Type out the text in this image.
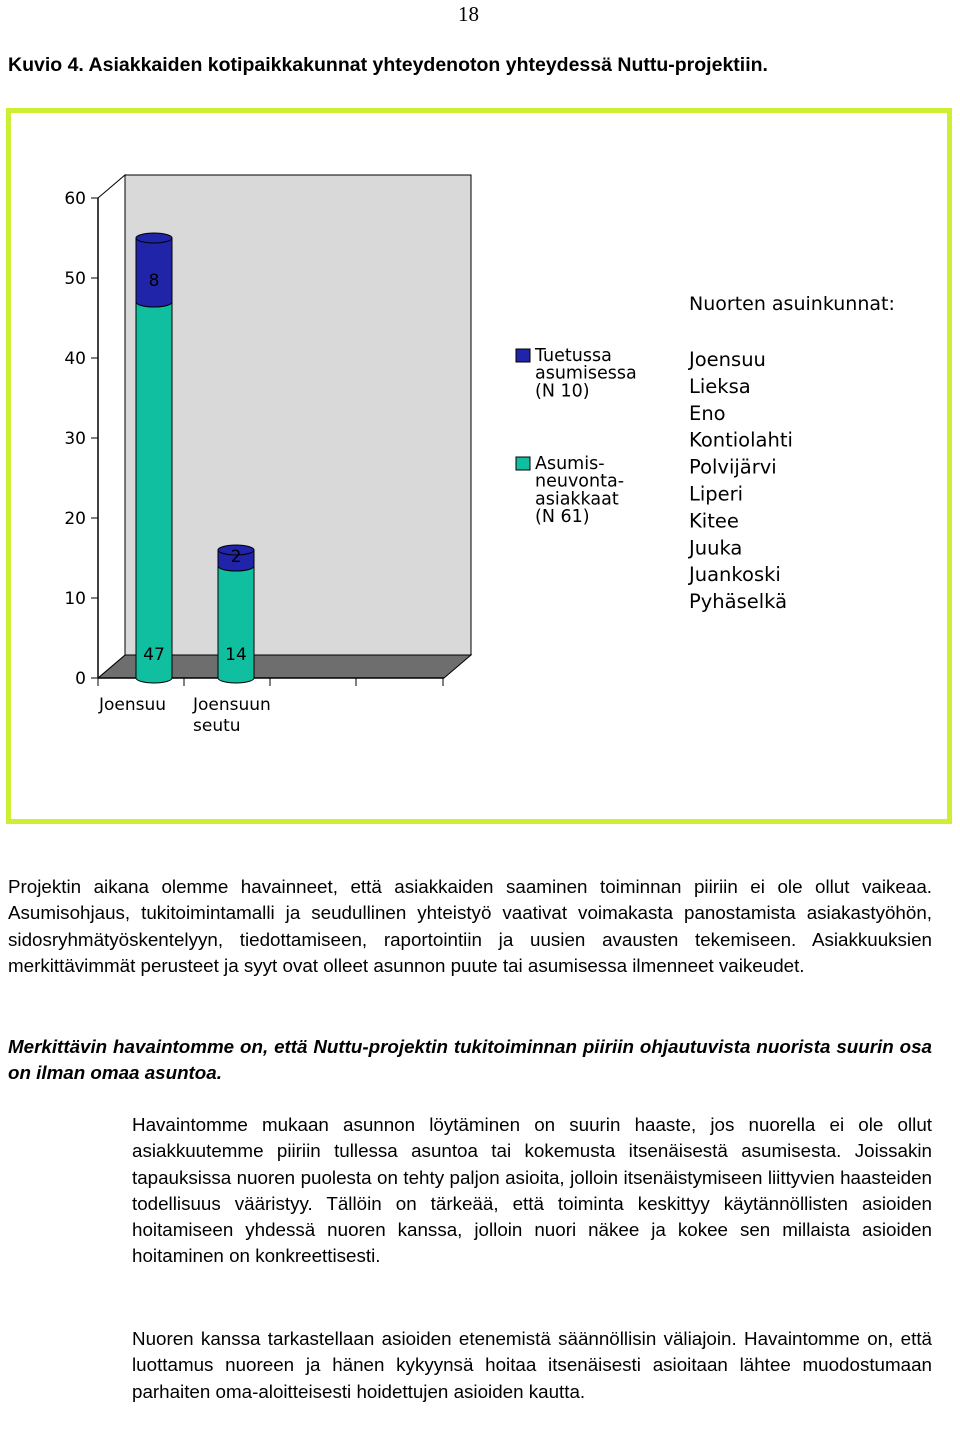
18
Kuvio 4. Asiakkaiden kotipaikkakunnat yhteydenoton yhteydessä Nuttu-projektiin.
0
10
20
30
40
50
60
47
8
Joensuu
14
2
Joensuun
seutu
Tuetussa
asumisessa
(N 10)
Asumis-
neuvonta-
asiakkaat
(N 61)
Nuorten asuinkunnat:
Joensuu
Lieksa
Eno
Kontiolahti
Polvijärvi
Liperi
Kitee
Juuka
Juankoski
Pyhäselkä

Projektin aikana olemme havainneet, että asiakkaiden saaminen toiminnan piiriin ei ole ollut vaikeaa. Asumisohjaus, tukitoimintamalli ja seudullinen yhteistyö vaativat voimakasta panostamista asiakastyöhön, sidosryhmätyöskentelyyn, tiedottamiseen, raportointiin ja uusien avausten tekemiseen. Asiakkuuksien merkittävimmät perusteet ja syyt ovat olleet asunnon puute tai asumisessa ilmenneet vaikeudet.

Merkittävin havaintomme on, että Nuttu-projektin tukitoiminnan piiriin ohjautuvista nuorista suurin osa on ilman omaa asuntoa.

Havaintomme mukaan asunnon löytäminen on suurin haaste, jos nuorella ei ole ollut asiakkuutemme piiriin tullessa asuntoa tai kokemusta itsenäisestä asumisesta. Joissakin tapauksissa nuoren puolesta on tehty paljon asioita, jolloin itsenäistymiseen liittyvien haasteiden todellisuus vääristyy. Tällöin on tärkeää, että toiminta keskittyy käytännöllisten asioiden hoitamiseen yhdessä nuoren kanssa, jolloin nuori näkee ja kokee sen millaista asioiden hoitaminen on konkreettisesti.

Nuoren kanssa tarkastellaan asioiden etenemistä säännöllisin väliajoin. Havaintomme on, että luottamus nuoreen ja hänen kykyynsä hoitaa itsenäisesti asioitaan lähtee muodostumaan parhaiten oma-aloitteisesti hoidettujen asioiden kautta.
